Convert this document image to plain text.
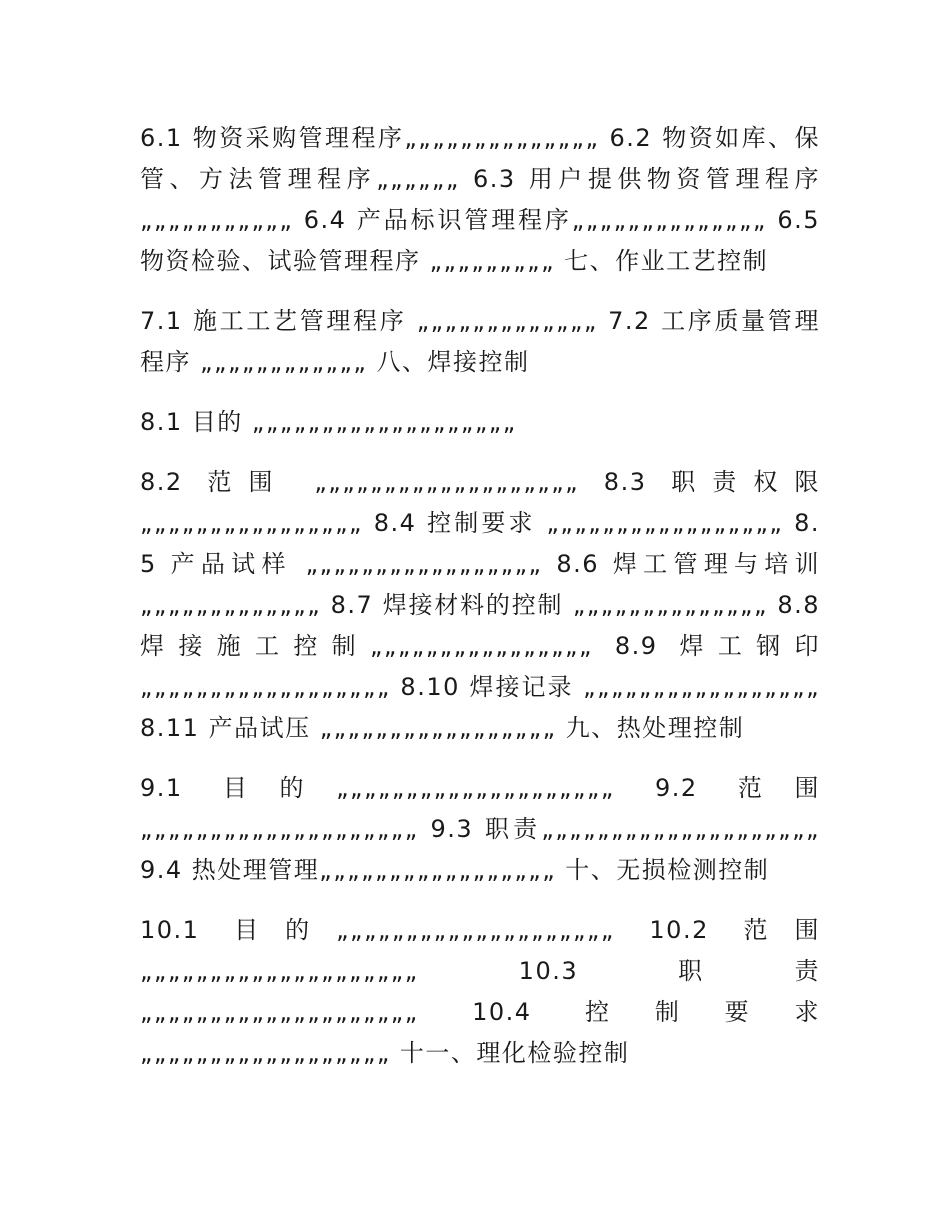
6.1 物资采购管理程序„„„„„„„„„„„„„„ 6.2 物资如库、保管、方法管理程序„„„„„„ 6.3 用户提供物资管理程序„„„„„„„„„„„ 6.4 产品标识管理程序„„„„„„„„„„„„„„ 6.5 物资检验、试验管理程序 „„„„„„„„„ 七、作业工艺控制

7.1 施工工艺管理程序 „„„„„„„„„„„„„ 7.2 工序质量管理程序 „„„„„„„„„„„„ 八、焊接控制

8.1 目的 „„„„„„„„„„„„„„„„„„„

8.2 范围 „„„„„„„„„„„„„„„„„„„ 8.3 职责权限 „„„„„„„„„„„„„„„„ 8.4 控制要求 „„„„„„„„„„„„„„„„„ 8.5 产品试样 „„„„„„„„„„„„„„„„„ 8.6 焊工管理与培训 „„„„„„„„„„„„„ 8.7 焊接材料的控制 „„„„„„„„„„„„„„ 8.8 焊接施工控制„„„„„„„„„„„„„„„„ 8.9 焊工钢印„„„„„„„„„„„„„„„„„„ 8.10 焊接记录 „„„„„„„„„„„„„„„„„ 8.11 产品试压 „„„„„„„„„„„„„„„„„ 九、热处理控制

9.1 目的„„„„„„„„„„„„„„„„„„„„ 9.2 范围„„„„„„„„„„„„„„„„„„„„ 9.3 职责„„„„„„„„„„„„„„„„„„„„ 9.4 热处理管理„„„„„„„„„„„„„„„„„ 十、无损检测控制

10.1 目的„„„„„„„„„„„„„„„„„„„„ 10.2 范围„„„„„„„„„„„„„„„„„„„„ 10.3 职责„„„„„„„„„„„„„„„„„„„„ 10.4 控制要求„„„„„„„„„„„„„„„„„„ 十一、理化检验控制
